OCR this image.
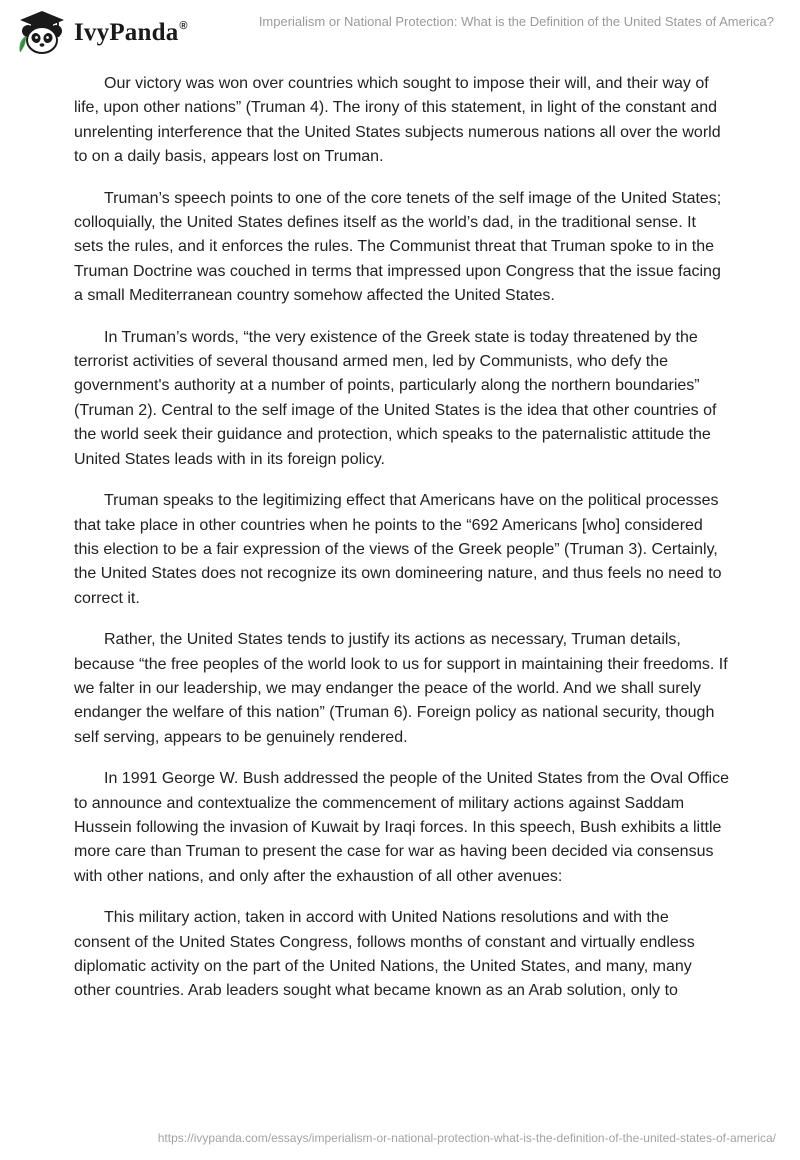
IvyPanda®	Imperialism or National Protection: What is the Definition of the United States of America?

Our victory was won over countries which sought to impose their will, and their way of life, upon other nations” (Truman 4). The irony of this statement, in light of the constant and unrelenting interference that the United States subjects numerous nations all over the world to on a daily basis, appears lost on Truman.

Truman’s speech points to one of the core tenets of the self image of the United States; colloquially, the United States defines itself as the world’s dad, in the traditional sense. It sets the rules, and it enforces the rules. The Communist threat that Truman spoke to in the Truman Doctrine was couched in terms that impressed upon Congress that the issue facing a small Mediterranean country somehow affected the United States.

In Truman’s words, “the very existence of the Greek state is today threatened by the terrorist activities of several thousand armed men, led by Communists, who defy the government's authority at a number of points, particularly along the northern boundaries” (Truman 2). Central to the self image of the United States is the idea that other countries of the world seek their guidance and protection, which speaks to the paternalistic attitude the United States leads with in its foreign policy.

Truman speaks to the legitimizing effect that Americans have on the political processes that take place in other countries when he points to the “692 Americans [who] considered this election to be a fair expression of the views of the Greek people” (Truman 3). Certainly, the United States does not recognize its own domineering nature, and thus feels no need to correct it.

Rather, the United States tends to justify its actions as necessary, Truman details, because “the free peoples of the world look to us for support in maintaining their freedoms. If we falter in our leadership, we may endanger the peace of the world. And we shall surely endanger the welfare of this nation” (Truman 6). Foreign policy as national security, though self serving, appears to be genuinely rendered.

In 1991 George W. Bush addressed the people of the United States from the Oval Office to announce and contextualize the commencement of military actions against Saddam Hussein following the invasion of Kuwait by Iraqi forces. In this speech, Bush exhibits a little more care than Truman to present the case for war as having been decided via consensus with other nations, and only after the exhaustion of all other avenues:

This military action, taken in accord with United Nations resolutions and with the consent of the United States Congress, follows months of constant and virtually endless diplomatic activity on the part of the United Nations, the United States, and many, many other countries. Arab leaders sought what became known as an Arab solution, only to

https://ivypanda.com/essays/imperialism-or-national-protection-what-is-the-definition-of-the-united-states-of-america/
